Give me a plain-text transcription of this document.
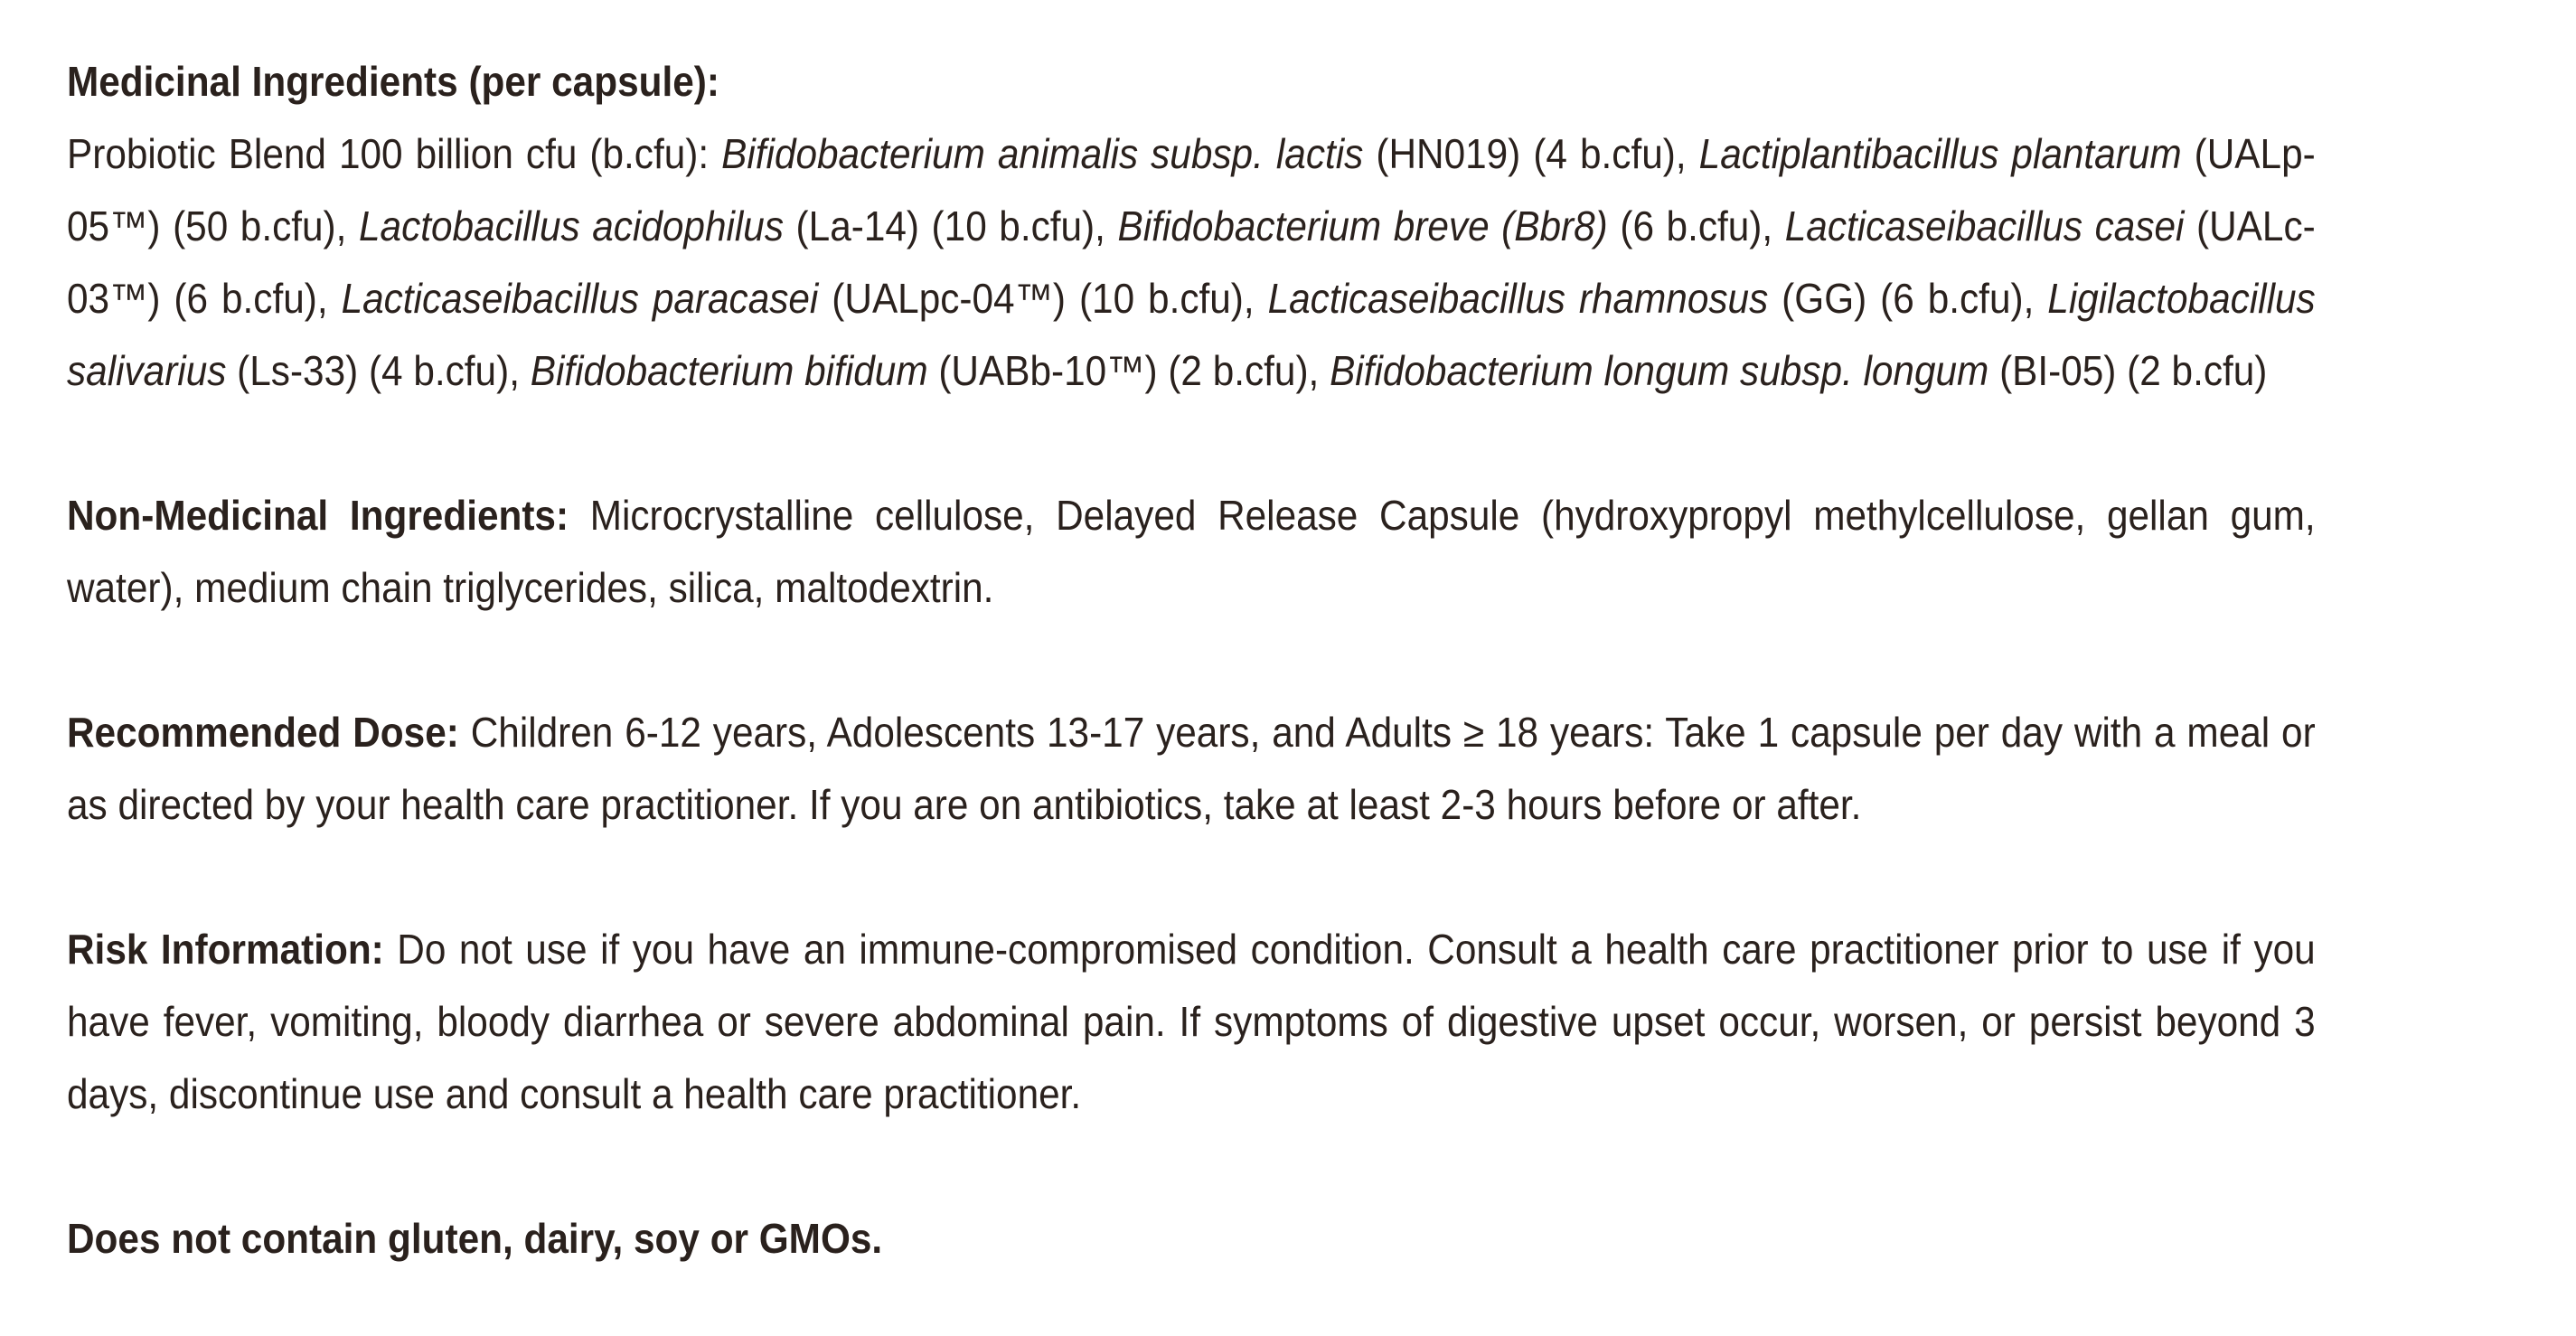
Medicinal Ingredients (per capsule):
Probiotic Blend 100 billion cfu (b.cfu): Bifidobacterium animalis subsp. lactis (HN019) (4 b.cfu), Lactiplantibacillus plantarum (UALp-05™) (50 b.cfu), Lactobacillus acidophilus (La-14) (10 b.cfu), Bifidobacterium breve (Bbr8) (6 b.cfu), Lacticaseibacillus casei (UALc-03™) (6 b.cfu), Lacticaseibacillus paracasei (UALpc-04™) (10 b.cfu), Lacticaseibacillus rhamnosus (GG) (6 b.cfu), Ligilactobacillus salivarius (Ls-33) (4 b.cfu), Bifidobacterium bifidum (UABb-10™) (2 b.cfu), Bifidobacterium longum subsp. longum (BI-05) (2 b.cfu)

Non-Medicinal Ingredients: Microcrystalline cellulose, Delayed Release Capsule (hydroxypropyl methylcellulose, gellan gum, water), medium chain triglycerides, silica, maltodextrin.

Recommended Dose: Children 6-12 years, Adolescents 13-17 years, and Adults ≥ 18 years: Take 1 capsule per day with a meal or as directed by your health care practitioner. If you are on antibiotics, take at least 2-3 hours before or after.

Risk Information: Do not use if you have an immune-compromised condition. Consult a health care practitioner prior to use if you have fever, vomiting, bloody diarrhea or severe abdominal pain. If symptoms of digestive upset occur, worsen, or persist beyond 3 days, discontinue use and consult a health care practitioner.

Does not contain gluten, dairy, soy or GMOs.
